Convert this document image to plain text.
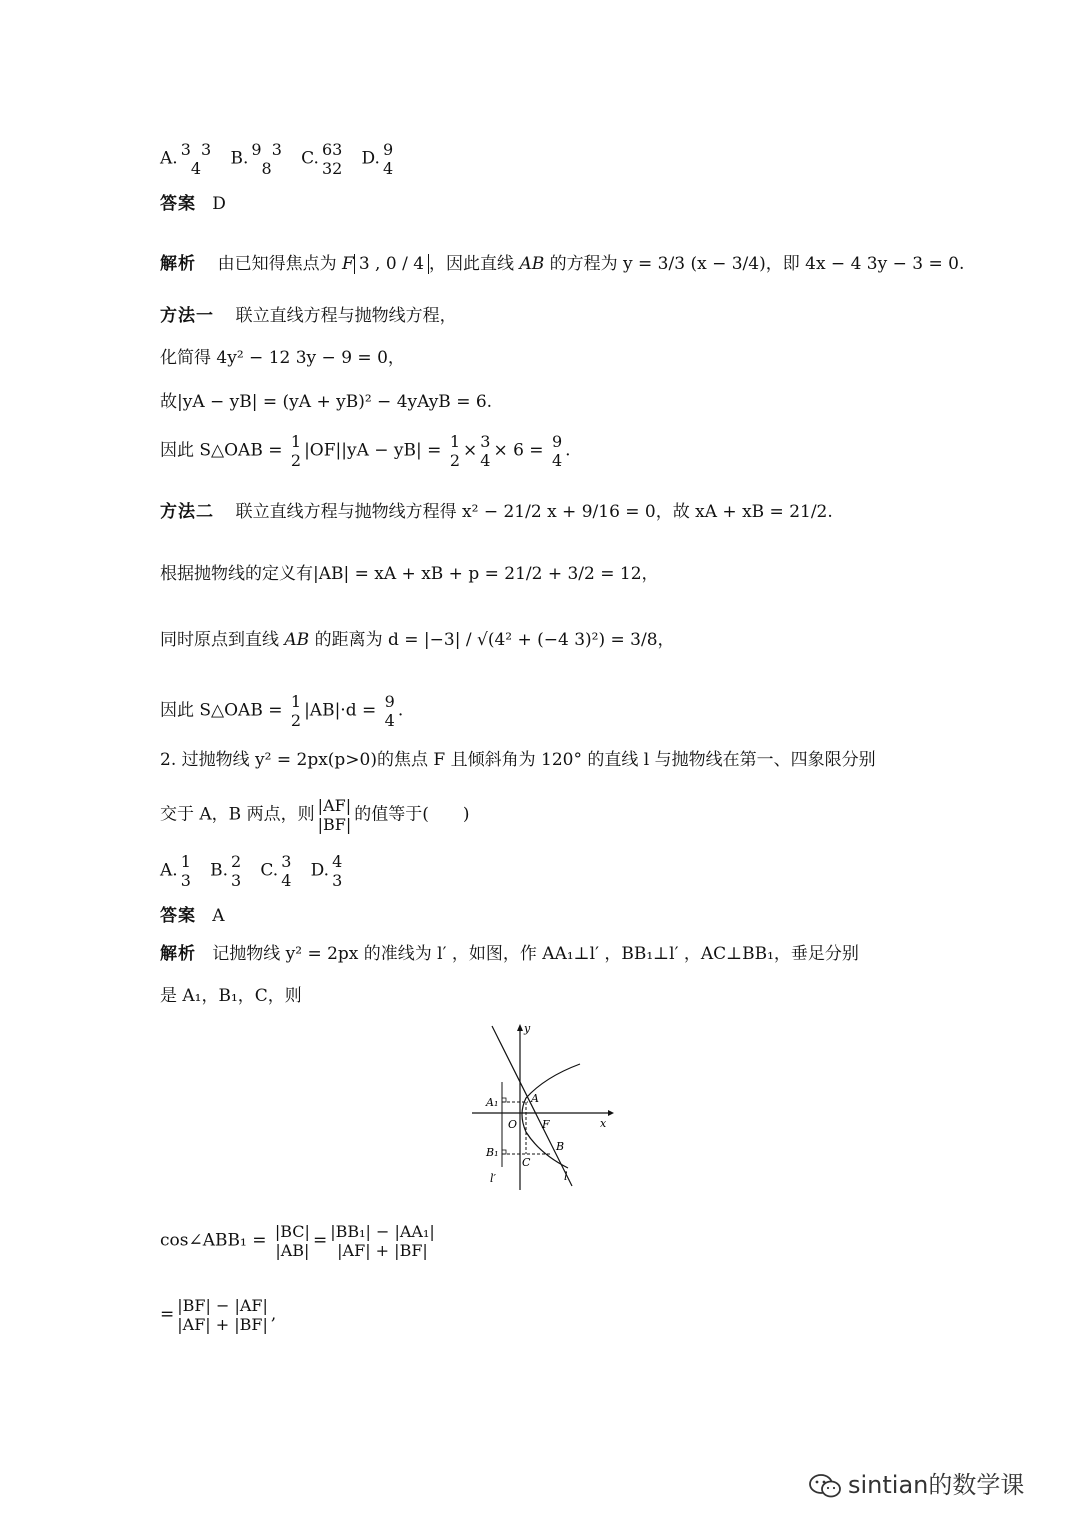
A. 3 3
4 B. 9 3
8 C. 63
32 D. 9
4
答案 D
解析 由已知得焦点为 F 3 , 0 / 4 ，因此直线 AB 的方程为 y = 3/3 (x − 3/4)，即 4x − 4 3y − 3 = 0.
方法一 联立直线方程与抛物线方程，
化简得 4y² − 12 3y − 9 = 0，
故|yA − yB| = (yA + yB)² − 4yAyB = 6.
因此 S△OAB = 1
2 |OF||yA − yB| = 1
2 × 3
4 × 6 = 9
4 .
方法二 联立直线方程与抛物线方程得 x² − 21/2 x + 9/16 = 0，故 xA + xB = 21/2.
根据抛物线的定义有|AB| = xA + xB + p = 21/2 + 3/2 = 12，
同时原点到直线 AB 的距离为 d = |−3| / √(4² + (−4 3)²) = 3/8，
因此 S△OAB = 1
2 |AB|·d = 9
4 .
2. 过抛物线 y² = 2px(p>0)的焦点 F 且倾斜角为 120° 的直线 l 与抛物线在第一、四象限分别
交于 A，B 两点，则 |AF|
|BF| 的值等于(　　)
A. 1
3 B. 2
3 C. 3
4 D. 4
3
答案 A
解析 记抛物线 y² = 2px 的准线为 l′ ，如图，作 AA₁⊥l′ ，BB₁⊥l′ ，AC⊥BB₁，垂足分别
是 A₁，B₁，C，则
y
x
A₁	A
O F
B₁	B
C
l′	l
cos∠ABB₁ = |BC|
|AB| = |BB₁| − |AA₁|
|AF| + |BF|
= |BF| − |AF|
|AF| + |BF| ,
sintian的数学课
